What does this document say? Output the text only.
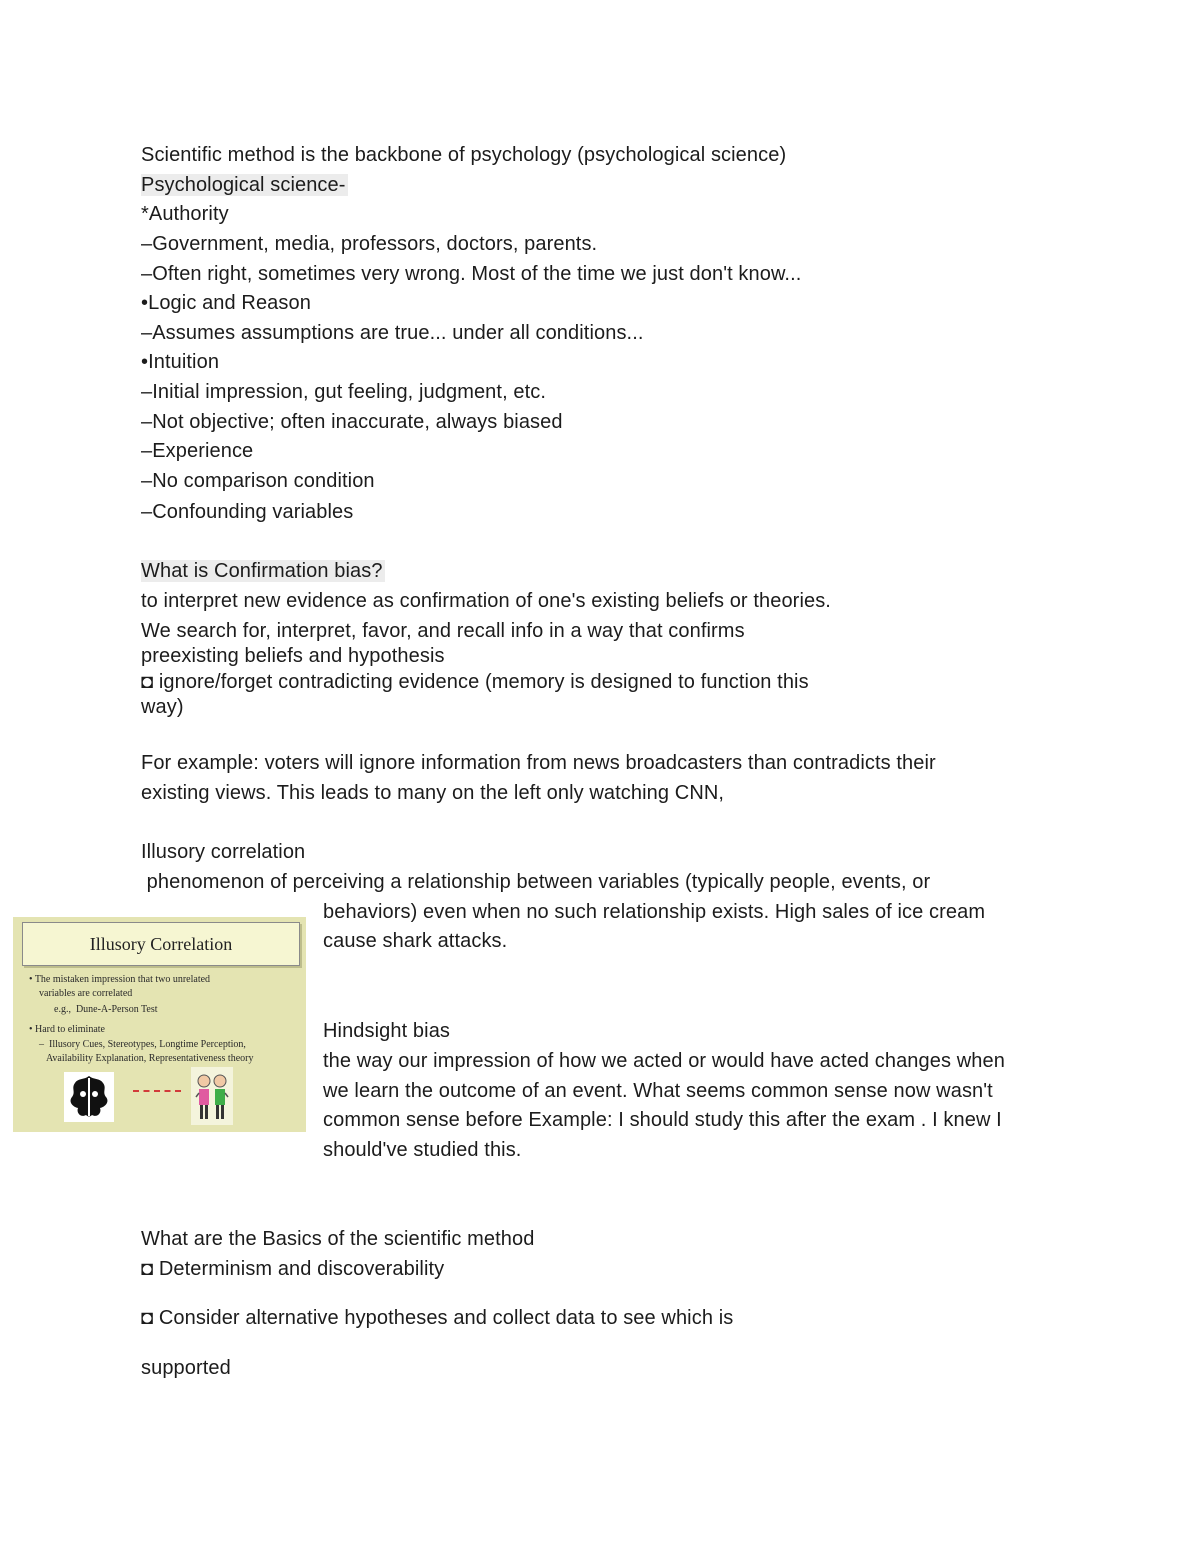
Scientific method is the backbone of psychology (psychological science)
Psychological science-
*Authority
–Government, media, professors, doctors, parents.
–Often right, sometimes very wrong. Most of the time we just don't know...
•Logic and Reason
–Assumes assumptions are true... under all conditions...
•Intuition
–Initial impression, gut feeling, judgment, etc.
–Not objective; often inaccurate, always biased
–Experience
–No comparison condition
–Confounding variables
What is Confirmation bias?
to interpret new evidence as confirmation of one's existing beliefs or theories.
We search for, interpret, favor, and recall info in a way that confirms
preexisting beliefs and hypothesis
◘ ignore/forget contradicting evidence (memory is designed to function this
way)
For example: voters will ignore information from news broadcasters than contradicts their
existing views. This leads to many on the left only watching CNN,
Illusory correlation
phenomenon of perceiving a relationship between variables (typically people, events, or
behaviors) even when no such relationship exists. High sales of ice cream
cause shark attacks.
Hindsight bias
the way our impression of how we acted or would have acted changes when
we learn the outcome of an event. What seems common sense now wasn't
common sense before Example: I should study this after the exam . I knew I
should've studied this.
What are the Basics of the scientific method
◘ Determinism and discoverability
◘ Consider alternative hypotheses and collect data to see which is
supported
Illusory Correlation
• The mistaken impression that two unrelated
variables are correlated
e.g.,  Dune-A-Person Test
• Hard to eliminate
–  Illusory Cues, Stereotypes, Longtime Perception,
Availability Explanation, Representativeness theory
